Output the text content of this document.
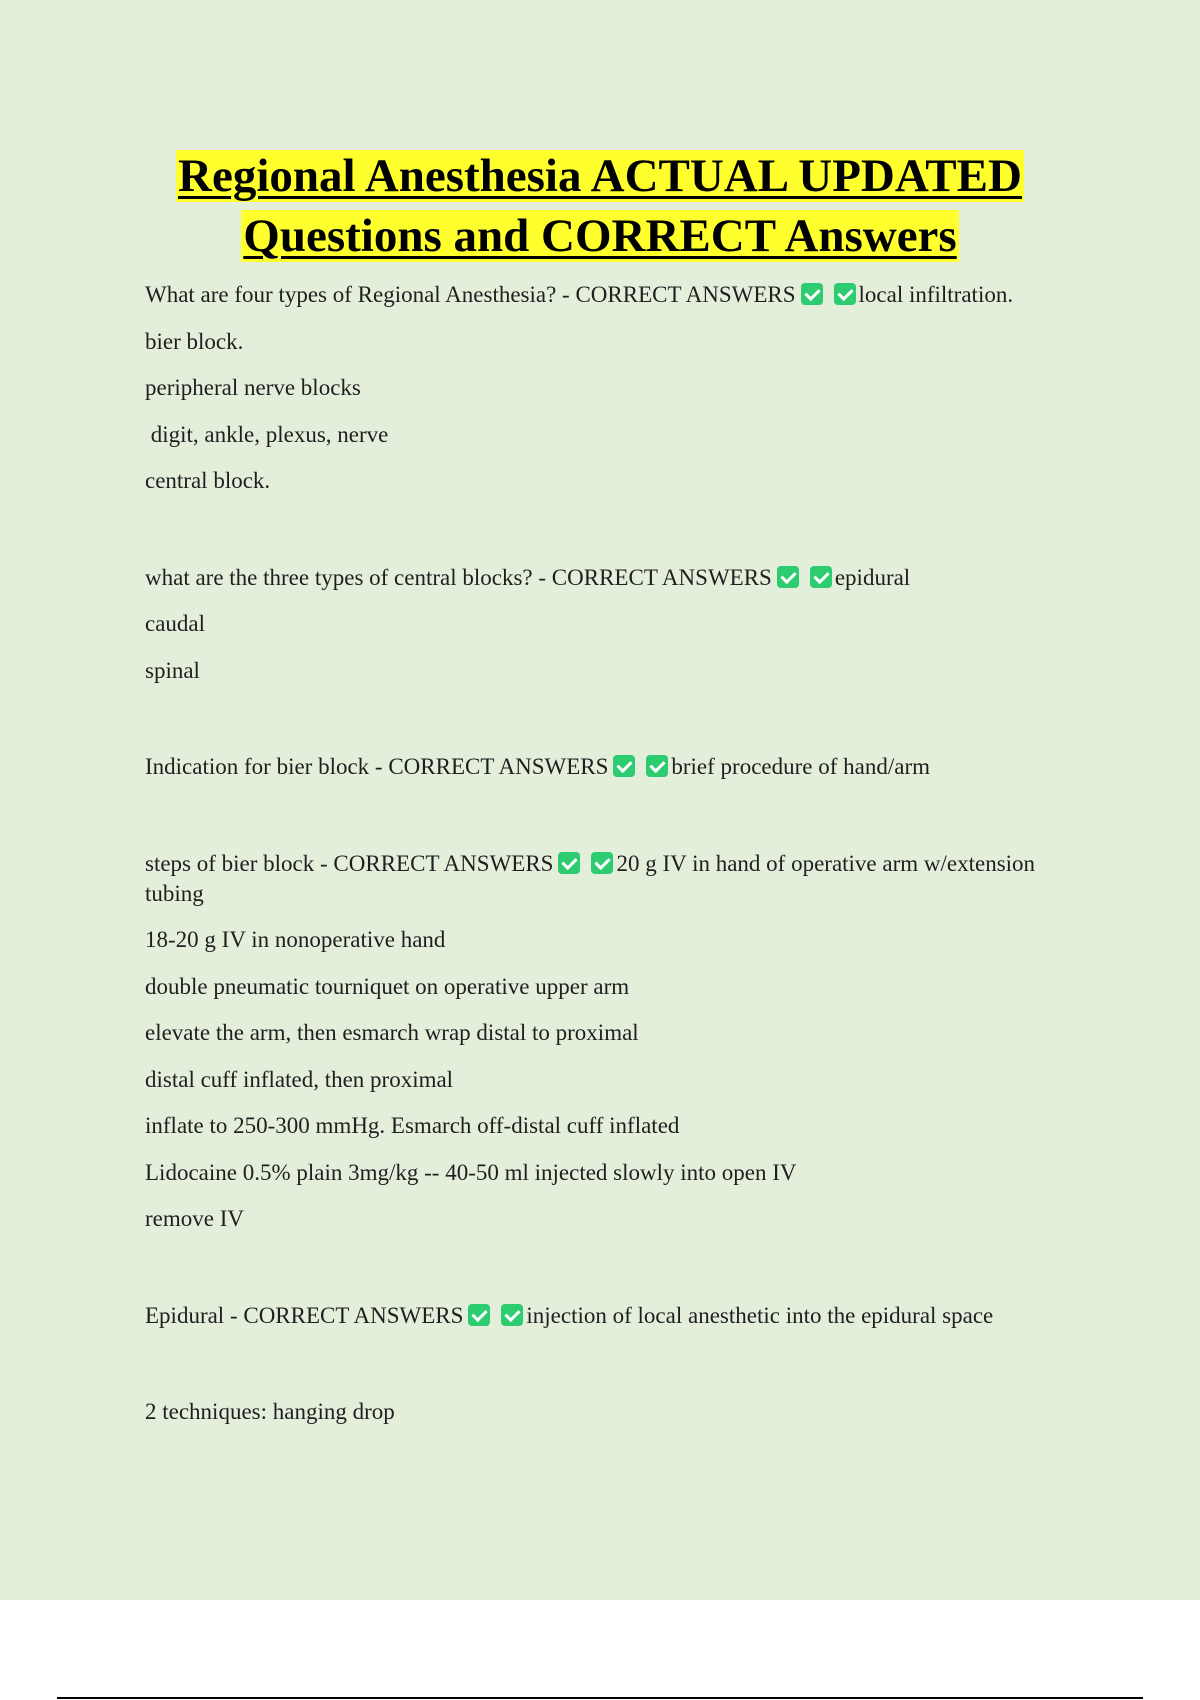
Regional Anesthesia ACTUAL UPDATED
Questions and CORRECT Answers
What are four types of Regional Anesthesia? - CORRECT ANSWERS	local infiltration.
bier block.
peripheral nerve blocks
digit, ankle, plexus, nerve
central block.
what are the three types of central blocks? - CORRECT ANSWERS	epidural
caudal
spinal
Indication for bier block - CORRECT ANSWERS	brief procedure of hand/arm
steps of bier block - CORRECT ANSWERS	20 g IV in hand of operative arm w/extension tubing
18-20 g IV in nonoperative hand
double pneumatic tourniquet on operative upper arm
elevate the arm, then esmarch wrap distal to proximal
distal cuff inflated, then proximal
inflate to 250-300 mmHg. Esmarch off-distal cuff inflated
Lidocaine 0.5% plain 3mg/kg -- 40-50 ml injected slowly into open IV
remove IV
Epidural - CORRECT ANSWERS	injection of local anesthetic into the epidural space
2 techniques: hanging drop
